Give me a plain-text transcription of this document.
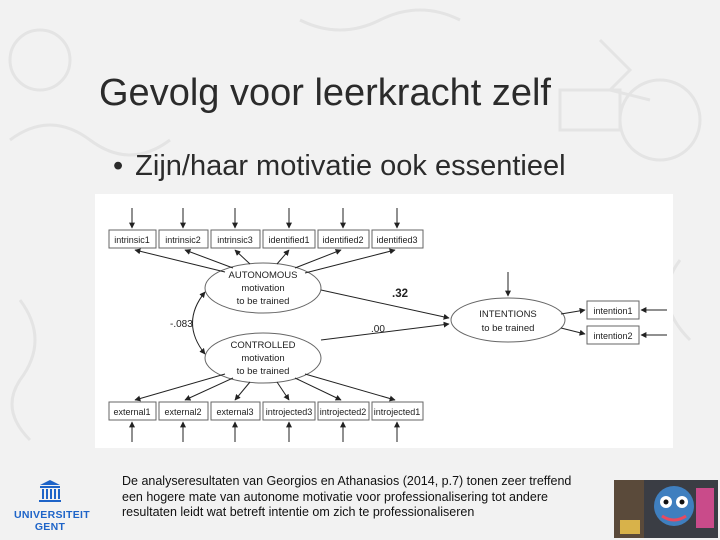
Gevolg voor leerkracht zelf
• Zijn/haar motivatie ook essentieel
intrinsic1 intrinsic2 intrinsic3 identified1 identified2 identified3
AUTONOMOUS
motivation
to be trained
CONTROLLED
motivation
to be trained
external1 external2 external3 introjected3 introjected2 introjected1
-.083
INTENTIONS
to be trained
.32
.00
intention1
intention2
De analyseresultaten van Georgios en Athanasios (2014, p.7) tonen zeer treffend een hogere mate van autonome motivatie voor professionalisering tot andere resultaten leidt wat betreft intentie om zich te professionaliseren
UNIVERSITEIT
GENT
